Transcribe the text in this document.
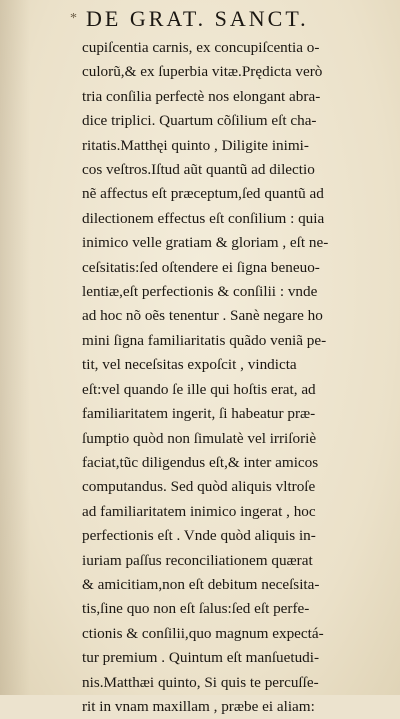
* DE GRAT. SANCT.
cupiſcentia carnis, ex concupiſcentia o-
culorũ,& ex ſuperbia vitæ.Prędicta verò
tria conſilia perfectè nos elongant abra-
dice triplici. Quartum cõſilium eſt cha-
ritatis.Matthęi quinto , Diligite inimi-
cos veſtros.Iſtud aũt quantũ ad dilectio
nẽ affectus eſt præceptum,ſed quantũ ad
dilectionem effectus eſt conſilium : quia
inimico velle gratiam & gloriam , eſt ne-
ceſsitatis:ſed oſtendere ei ſigna beneuo-
lentiæ,eſt perfectionis & conſilii : vnde
ad hoc nõ oẽs tenentur . Sanè negare ho
mini ſigna familiaritatis quãdo veniã pe-
tit, vel neceſsitas expoſcit , vindicta
eſt:vel quando ſe ille qui hoſtis erat, ad
familiaritatem ingerit, ſi habeatur præ-
ſumptio quòd non ſimulatè vel irriſoriè
faciat,tũc diligendus eſt,& inter amicos
computandus. Sed quòd aliquis vltroſe
ad familiaritatem inimico ingerat , hoc
perfectionis eſt . Vnde quòd aliquis in-
iuriam paſſus reconciliationem quærat
& amicitiam,non eſt debitum neceſsita-
tis,ſine quo non eſt ſalus:ſed eſt perfe-
ctionis & conſilii,quo magnum expectá-
tur premium . Quintum eſt manſuetudi-
nis.Matthæi quinto, Si quis te percuſſe-
rit in vnam maxillam , præbe ei aliam:
